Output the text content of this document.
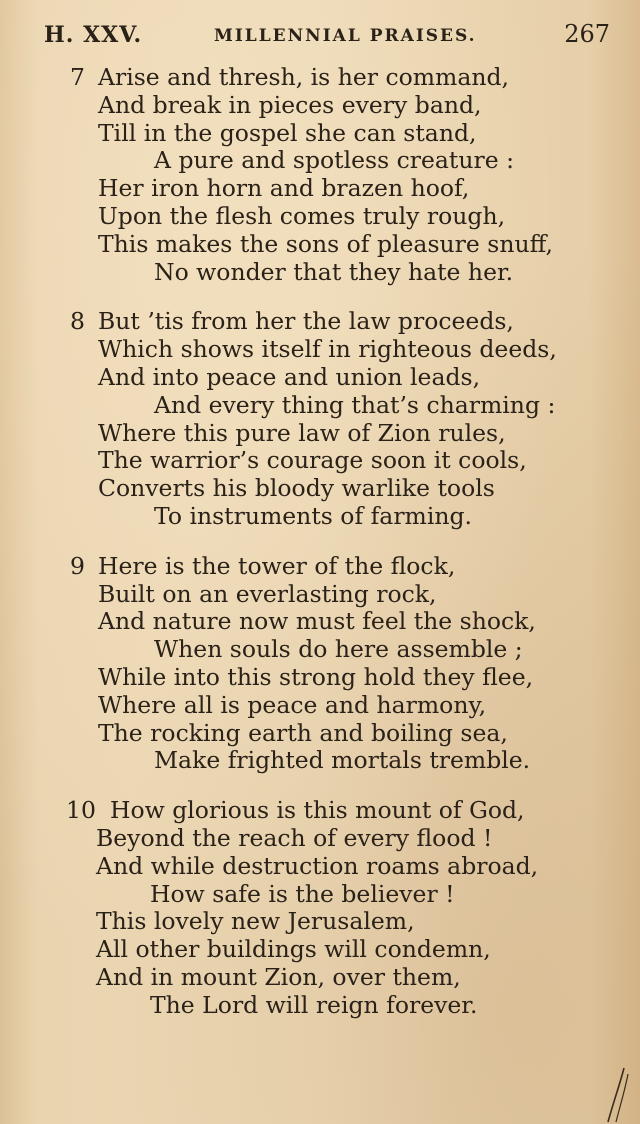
H. XXV.	MILLENNIAL PRAISES.	267
7 Arise and thresh, is her command,
And break in pieces every band,
Till in the gospel she can stand,
A pure and spotless creature :
Her iron horn and brazen hoof,
Upon the flesh comes truly rough,
This makes the sons of pleasure snuff,
No wonder that they hate her.
8 But ’tis from her the law proceeds,
Which shows itself in righteous deeds,
And into peace and union leads,
And every thing that’s charming :
Where this pure law of Zion rules,
The warrior’s courage soon it cools,
Converts his bloody warlike tools
To instruments of farming.
9 Here is the tower of the flock,
Built on an everlasting rock,
And nature now must feel the shock,
When souls do here assemble ;
While into this strong hold they flee,
Where all is peace and harmony,
The rocking earth and boiling sea,
Make frighted mortals tremble.
10 How glorious is this mount of God,
Beyond the reach of every flood !
And while destruction roams abroad,
How safe is the believer !
This lovely new Jerusalem,
All other buildings will condemn,
And in mount Zion, over them,
The Lord will reign forever.
